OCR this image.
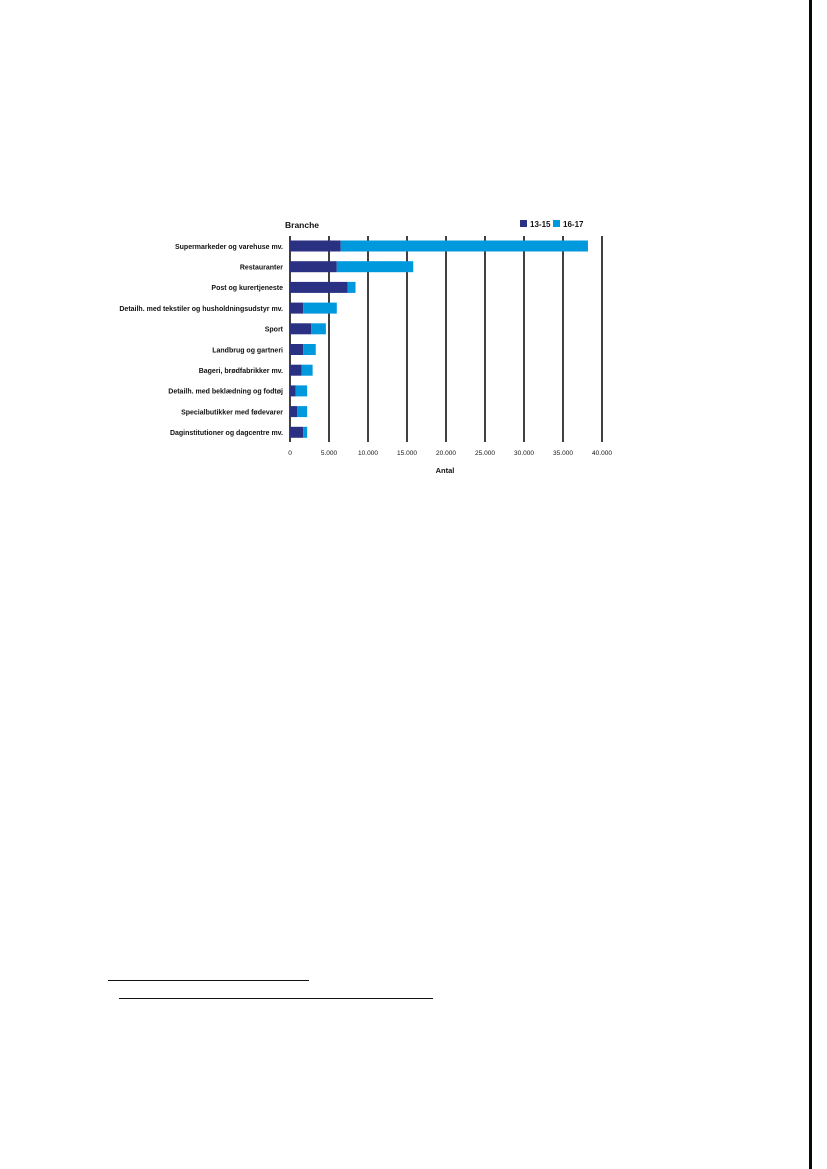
Supermarkeder og varehuse mv.
Restauranter
Post og kurertjeneste
Detailh. med tekstiler og husholdningsudstyr mv.
Sport
Landbrug og gartneri
Bageri, brødfabrikker mv.
Detailh. med beklædning og fodtøj
Specialbutikker med fødevarer
Daginstitutioner og dagcentre mv.
0	5.000	10.000	15.000	20.000	25.000	30.000	35.000	40.000
Branche
Antal
13-15 16-17
